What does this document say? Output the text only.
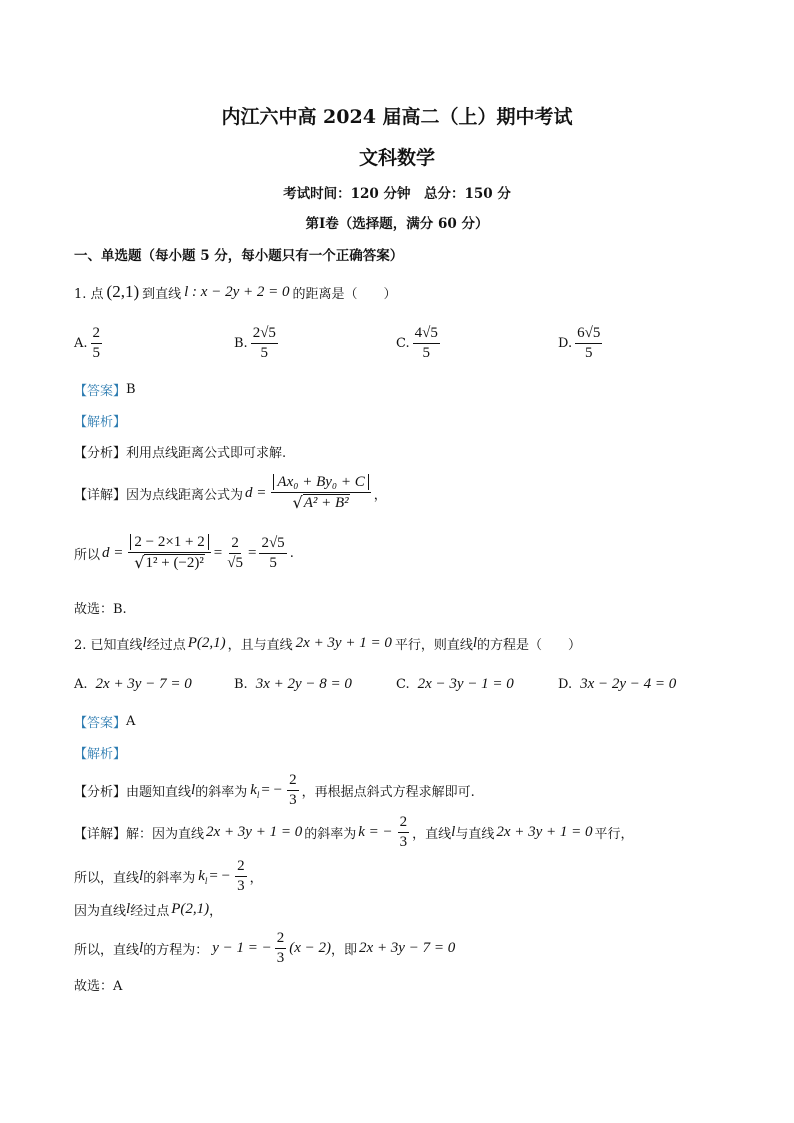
内江六中高 2024 届高二（上）期中考试
文科数学
考试时间：120 分钟　总分：150 分
第Ⅰ卷（选择题，满分 60 分）
一、单选题（每小题 5 分，每小题只有一个正确答案）
1. 点 (2,1) 到直线 l : x − 2y + 2 = 0 的距离是（　　）
A. $\frac{2}{5}$	B. $\frac{2√5}{5}$	C. $\frac{4√5}{5}$	D. $\frac{6√5}{5}$
【答案】 B
【解析】
【分析】 利用点线距离公式即可求解.
【详解】 因为点线距离公式为 $d = \frac{\text{Ax₀ + By₀ + C}}{\text{√ A² + B²}}$ ，
所以 $d = \frac{2 - 2\times 1 + 2}{\text{√ 1² + (−2)²}} = \frac{2}{√5} = \frac{2√5}{5}$ .
故选：B.
2. 已知直线 l 经过点 P(2,1) ，且与直线 2x + 3y + 1 = 0 平行，则直线 l 的方程是（　　）
A. 2x + 3y − 7 = 0	B. 3x + 2y − 8 = 0	C. 2x − 3y − 1 = 0	D. 3x − 2y − 4 = 0
【答案】 A
【解析】
【分析】 由题知直线 l 的斜率为 $k_l$ = − $\frac{2}{3}$ ，再根据点斜式方程求解即可.
【详解】 解：因为直线 2x + 3y + 1 = 0 的斜率为 k = − $\frac{2}{3}$ ，直线 l 与直线 2x + 3y + 1 = 0 平行，
所以，直线 l 的斜率为 $k_l$ = − $\frac{2}{3}$ ，
因为直线 l 经过点 P(2,1) ，
所以，直线 l 的方程为： y − 1 = − $\frac{2}{3} (x - 2)$ ，即 2x + 3y − 7 = 0
故选：A
